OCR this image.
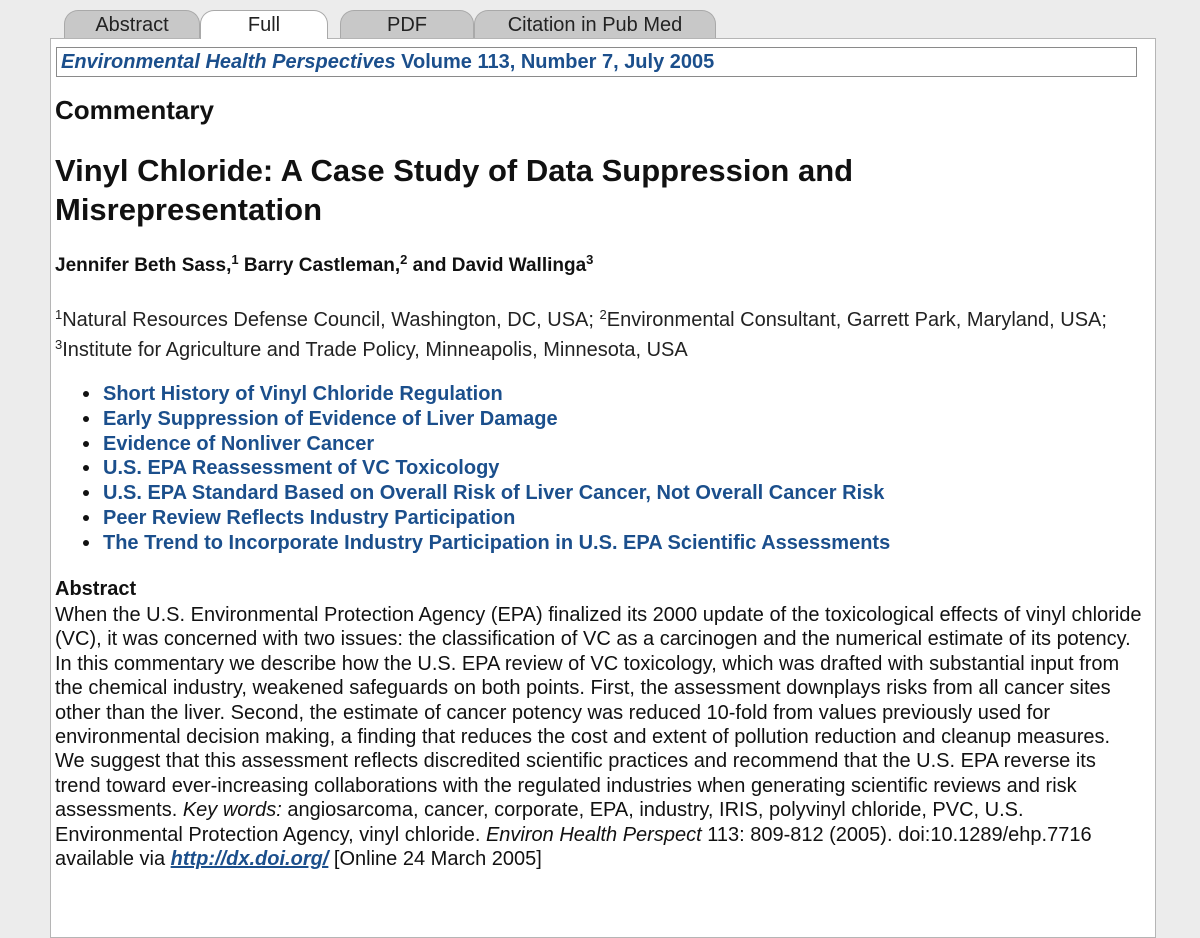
Abstract	Full	PDF	Citation in Pub Med
Environmental Health Perspectives Volume 113, Number 7, July 2005
Commentary
Vinyl Chloride: A Case Study of Data Suppression and Misrepresentation
Jennifer Beth Sass,$^1$ Barry Castleman,$^2$ and David Wallinga$^3$
$^1$Natural Resources Defense Council, Washington, DC, USA; $^2$Environmental Consultant, Garrett Park, Maryland, USA; $^3$Institute for Agriculture and Trade Policy, Minneapolis, Minnesota, USA
Short History of Vinyl Chloride Regulation
Early Suppression of Evidence of Liver Damage
Evidence of Nonliver Cancer
U.S. EPA Reassessment of VC Toxicology
U.S. EPA Standard Based on Overall Risk of Liver Cancer, Not Overall Cancer Risk
Peer Review Reflects Industry Participation
The Trend to Incorporate Industry Participation in U.S. EPA Scientific Assessments
Abstract
When the U.S. Environmental Protection Agency (EPA) finalized its 2000 update of the toxicological effects of vinyl chloride (VC), it was concerned with two issues: the classification of VC as a carcinogen and the numerical estimate of its potency. In this commentary we describe how the U.S. EPA review of VC toxicology, which was drafted with substantial input from the chemical industry, weakened safeguards on both points. First, the assessment downplays risks from all cancer sites other than the liver. Second, the estimate of cancer potency was reduced 10-fold from values previously used for environmental decision making, a finding that reduces the cost and extent of pollution reduction and cleanup measures. We suggest that this assessment reflects discredited scientific practices and recommend that the U.S. EPA reverse its trend toward ever-increasing collaborations with the regulated industries when generating scientific reviews and risk assessments. Key words: angiosarcoma, cancer, corporate, EPA, industry, IRIS, polyvinyl chloride, PVC, U.S. Environmental Protection Agency, vinyl chloride. Environ Health Perspect 113: 809-812 (2005). doi:10.1289/ehp.7716 available via http://dx.doi.org/ [Online 24 March 2005]
